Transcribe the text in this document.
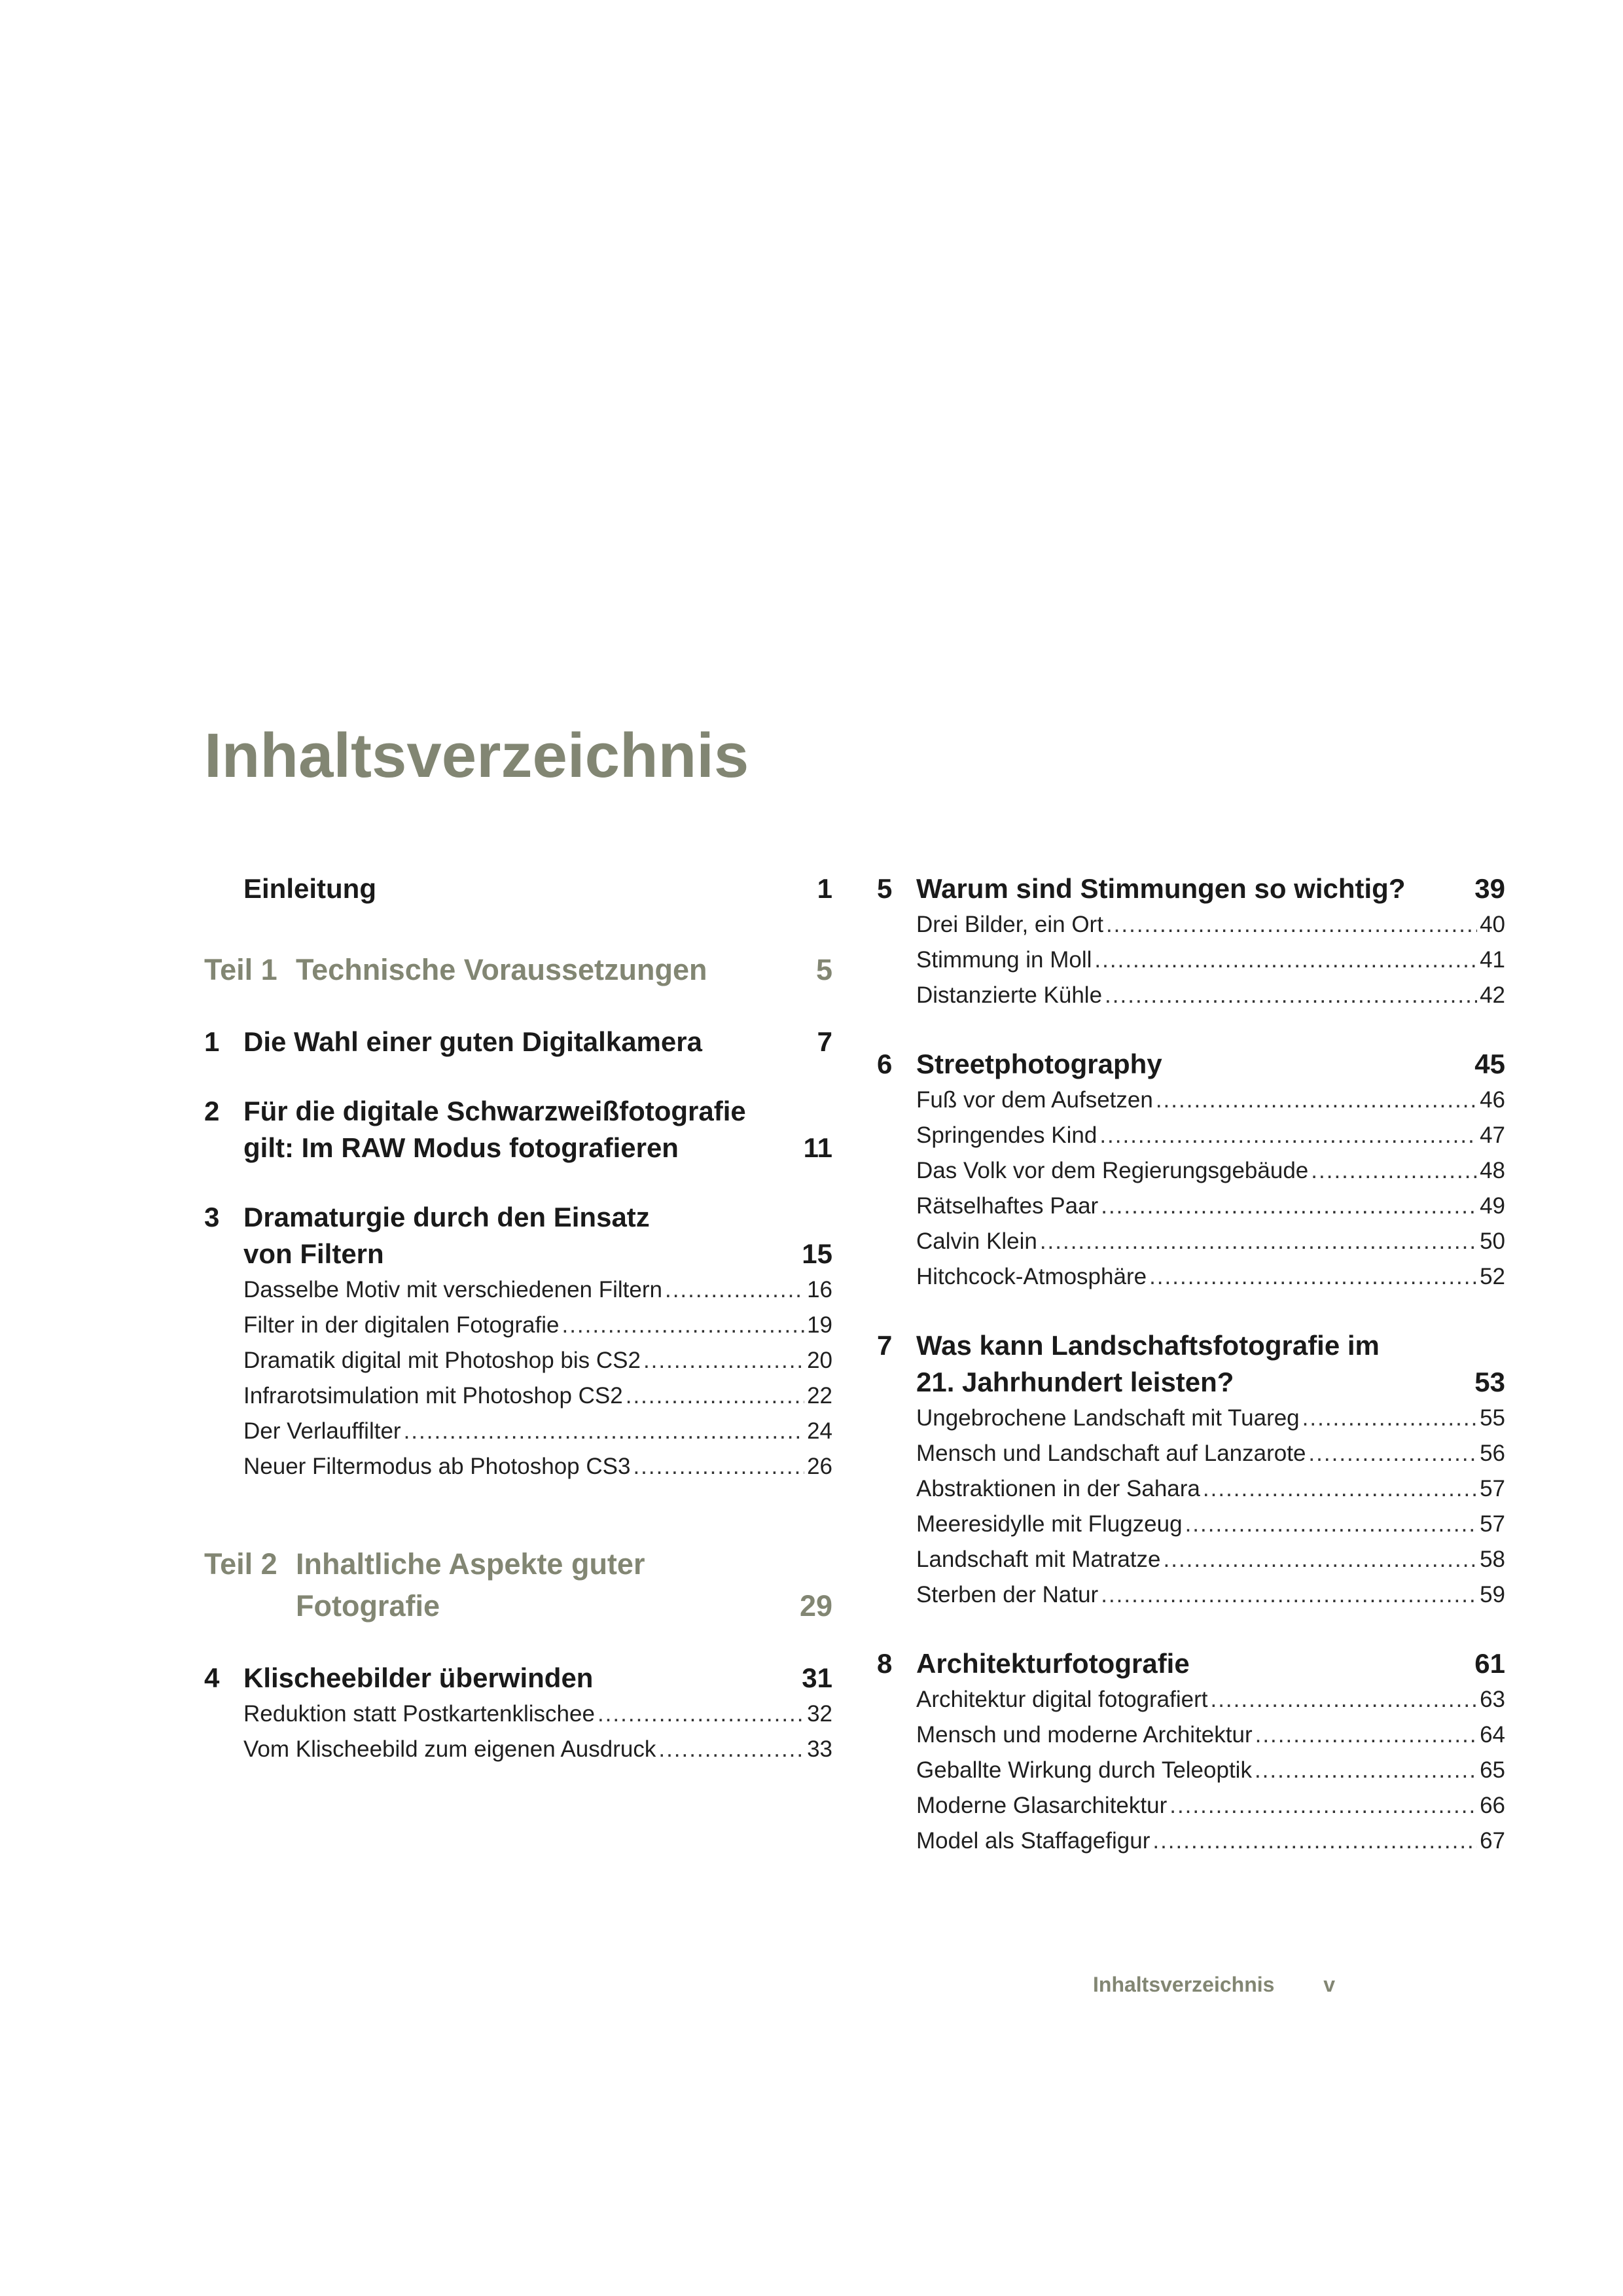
Inhaltsverzeichnis
Einleitung	1
Teil 1 Technische Voraussetzungen	5
1 Die Wahl einer guten Digitalkamera	7
2 Für die digitale Schwarzweißfotografie
gilt: Im RAW Modus fotografieren	11
3 Dramaturgie durch den Einsatz
von Filtern	15
Dasselbe Motiv mit verschiedenen Filtern .....	16
Filter in der digitalen Fotografie .....	19
Dramatik digital mit Photoshop bis CS2 .....	20
Infrarotsimulation mit Photoshop CS2 .....	22
Der Verlauffilter .....	24
Neuer Filtermodus ab Photoshop CS3 .....	26
Teil 2 Inhaltliche Aspekte guter
Fotografie	29
4 Klischeebilder überwinden	31
Reduktion statt Postkartenklischee .....	32
Vom Klischeebild zum eigenen Ausdruck .....	33
5 Warum sind Stimmungen so wichtig?	39
Drei Bilder, ein Ort .....	40
Stimmung in Moll .....	41
Distanzierte Kühle .....	42
6 Streetphotography	45
Fuß vor dem Aufsetzen .....	46
Springendes Kind .....	47
Das Volk vor dem Regierungsgebäude .....	48
Rätselhaftes Paar .....	49
Calvin Klein .....	50
Hitchcock-Atmosphäre .....	52
7 Was kann Landschaftsfotografie im
21. Jahrhundert leisten?	53
Ungebrochene Landschaft mit Tuareg .....	55
Mensch und Landschaft auf Lanzarote .....	56
Abstraktionen in der Sahara .....	57
Meeresidylle mit Flugzeug .....	57
Landschaft mit Matratze .....	58
Sterben der Natur .....	59
8 Architekturfotografie	61
Architektur digital fotografiert .....	63
Mensch und moderne Architektur .....	64
Geballte Wirkung durch Teleoptik .....	65
Moderne Glasarchitektur .....	66
Model als Staffagefigur .....	67
Inhaltsverzeichnis v
